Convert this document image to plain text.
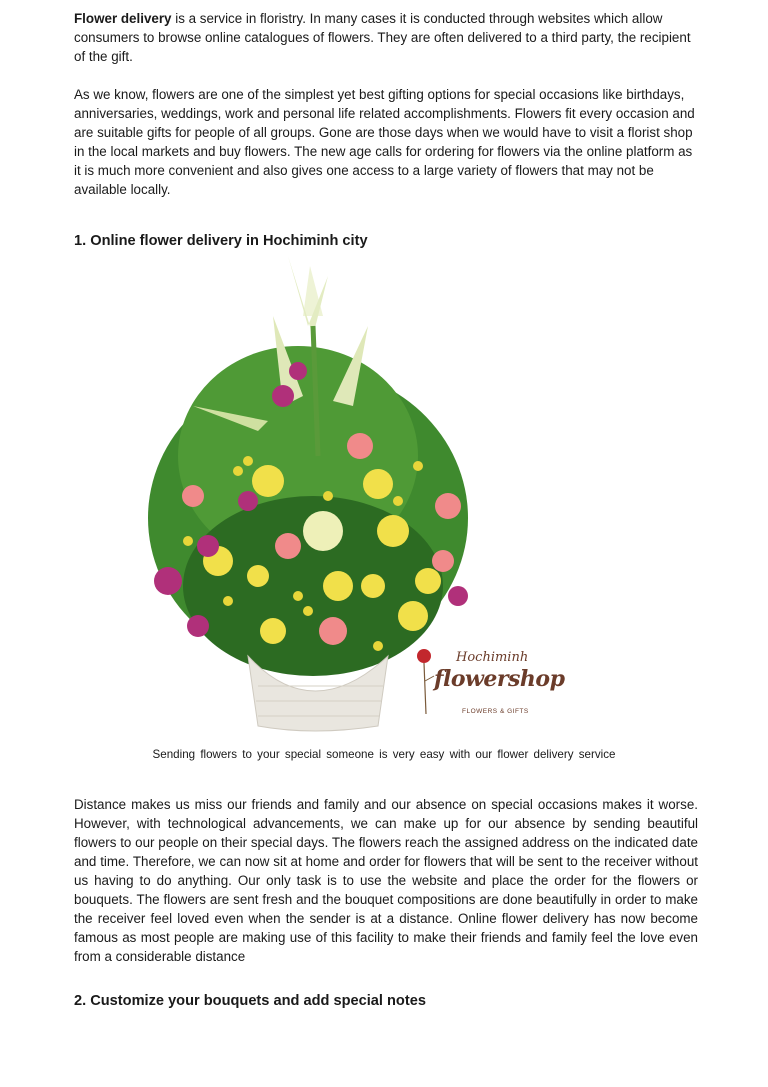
Flower delivery is a service in floristry. In many cases it is conducted through websites which allow consumers to browse online catalogues of flowers. They are often delivered to a third party, the recipient of the gift.

As we know, flowers are one of the simplest yet best gifting options for special occasions like birthdays, anniversaries, weddings, work and personal life related accomplishments. Flowers fit every occasion and are suitable gifts for people of all groups. Gone are those days when we would have to visit a florist shop in the local markets and buy flowers. The new age calls for ordering for flowers via the online platform as it is much more convenient and also gives one access to a large variety of flowers that may not be available locally.

1. Online flower delivery in Hochiminh city
Hochiminh
flowershop
FLOWERS & GIFTS

Sending flowers to your special someone is very easy with our flower delivery service

Distance makes us miss our friends and family and our absence on special occasions makes it worse. However, with technological advancements, we can make up for our absence by sending beautiful flowers to our people on their special days. The flowers reach the assigned address on the indicated date and time. Therefore, we can now sit at home and order for flowers that will be sent to the receiver without us having to do anything. Our only task is to use the website and place the order for the flowers or bouquets. The flowers are sent fresh and the bouquet compositions are done beautifully in order to make the receiver feel loved even when the sender is at a distance. Online flower delivery has now become famous as most people are making use of this facility to make their friends and family feel the love even from a considerable distance

2. Customize your bouquets and add special notes
